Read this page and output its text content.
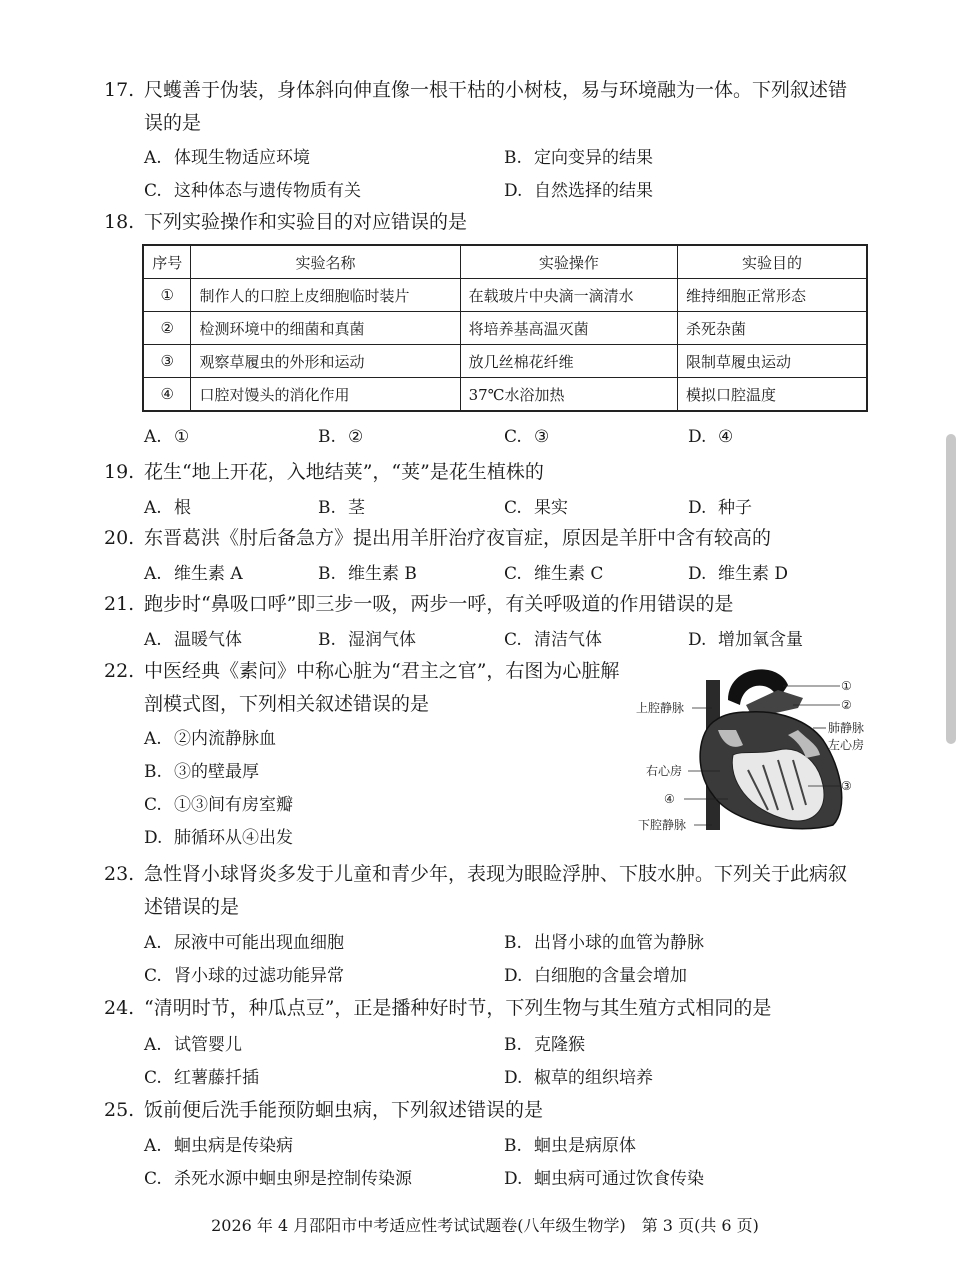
17. 尺蠖善于伪装，身体斜向伸直像一根干枯的小树枝，易与环境融为一体。下列叙述错
误的是
A. 体现生物适应环境	B. 定向变异的结果
C. 这种体态与遗传物质有关	D. 自然选择的结果
18. 下列实验操作和实验目的对应错误的是
序号	实验名称	实验操作	实验目的
①	制作人的口腔上皮细胞临时装片	在载玻片中央滴一滴清水	维持细胞正常形态
②	检测环境中的细菌和真菌	将培养基高温灭菌	杀死杂菌
③	观察草履虫的外形和运动	放几丝棉花纤维	限制草履虫运动
④	口腔对馒头的消化作用	37℃水浴加热	模拟口腔温度
A. ①	B. ②	C. ③	D. ④
19. 花生“地上开花，入地结荚”，“荚”是花生植株的
A. 根	B. 茎	C. 果实	D. 种子
20. 东晋葛洪《肘后备急方》提出用羊肝治疗夜盲症，原因是羊肝中含有较高的
A. 维生素 A	B. 维生素 B	C. 维生素 C	D. 维生素 D
21. 跑步时“鼻吸口呼”即三步一吸，两步一呼，有关呼吸道的作用错误的是
A. 温暖气体	B. 湿润气体	C. 清洁气体	D. 增加氧含量
22. 中医经典《素问》中称心脏为“君主之官”，右图为心脏解
剖模式图，下列相关叙述错误的是
A. ②内流静脉血
B. ③的壁最厚
C. ①③间有房室瓣
D. 肺循环从④出发
①
②
肺静脉
左心房
③
上腔静脉
右心房
④
下腔静脉
23. 急性肾小球肾炎多发于儿童和青少年，表现为眼睑浮肿、下肢水肿。下列关于此病叙
述错误的是
A. 尿液中可能出现血细胞	B. 出肾小球的血管为静脉
C. 肾小球的过滤功能异常	D. 白细胞的含量会增加
24. “清明时节，种瓜点豆”，正是播种好时节，下列生物与其生殖方式相同的是
A. 试管婴儿	B. 克隆猴
C. 红薯藤扦插	D. 椒草的组织培养
25. 饭前便后洗手能预防蛔虫病，下列叙述错误的是
A. 蛔虫病是传染病	B. 蛔虫是病原体
C. 杀死水源中蛔虫卵是控制传染源	D. 蛔虫病可通过饮食传染
2026 年 4 月邵阳市中考适应性考试试题卷(八年级生物学)　第 3 页(共 6 页)
